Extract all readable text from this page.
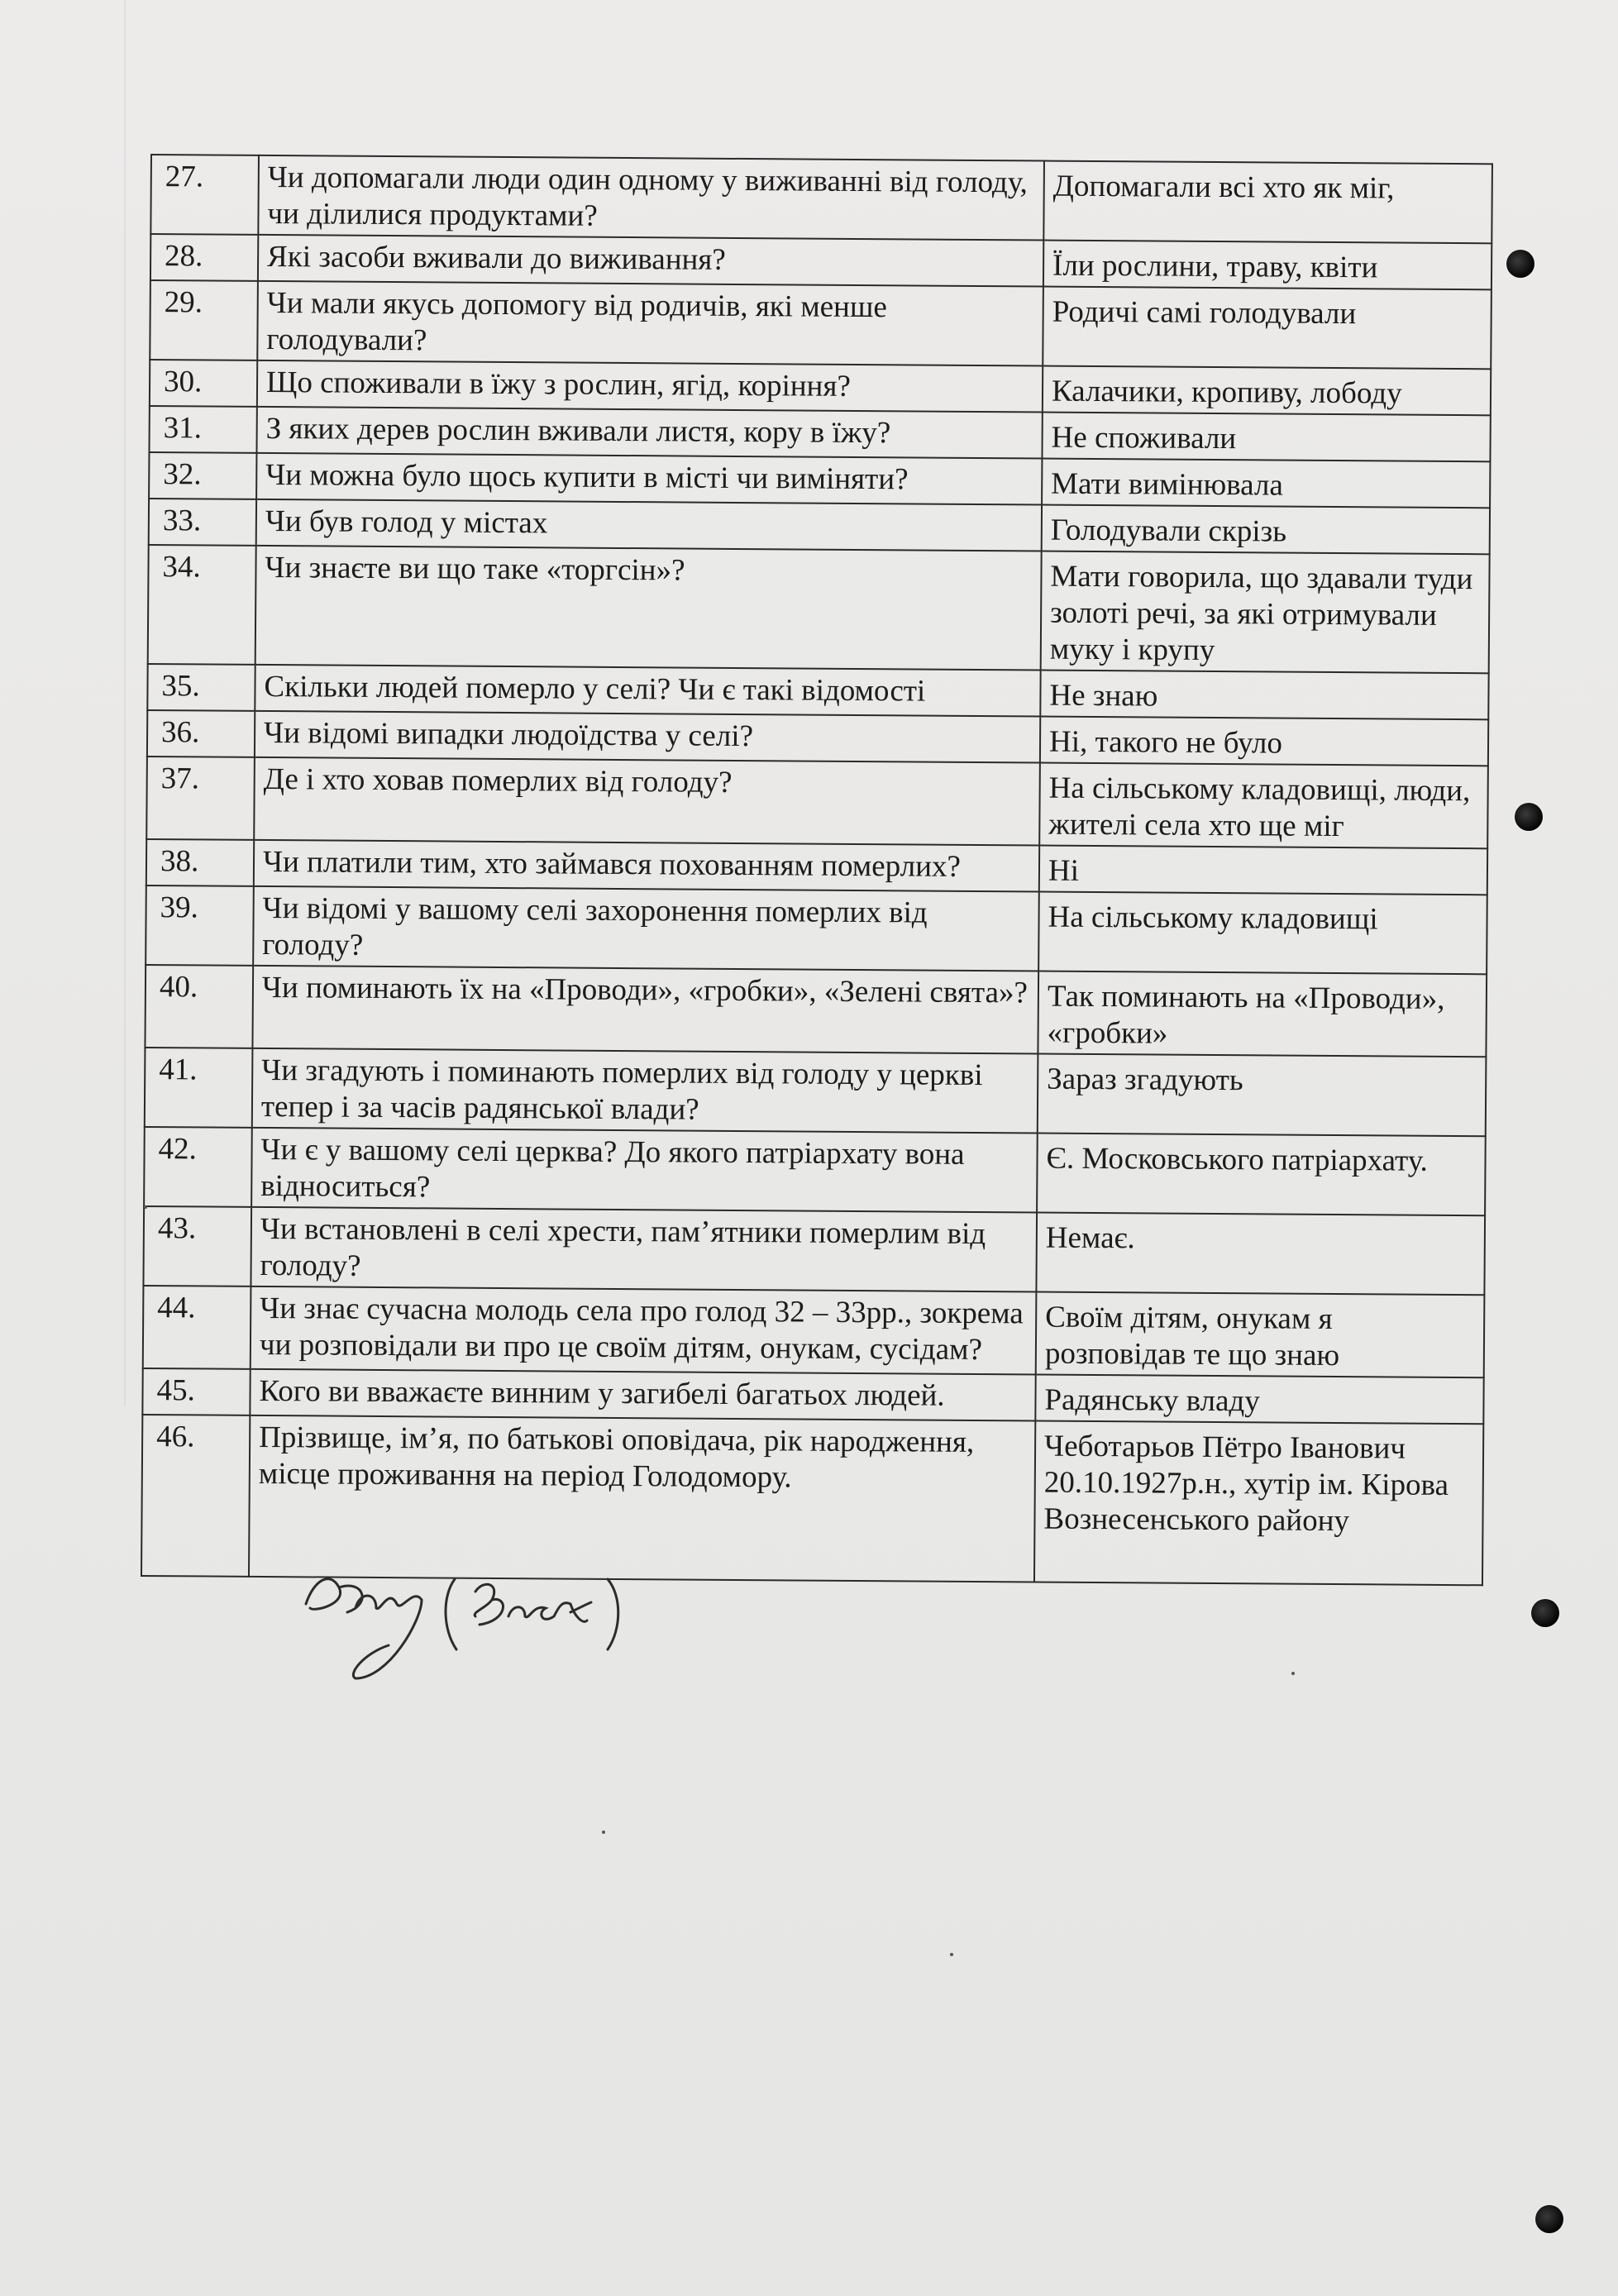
27.	Чи допомагали люди один одному у виживанні від голоду, чи ділилися продуктами?	Допомагали всі хто як міг,
28.	Які засоби вживали до виживання?	Їли рослини, траву, квіти
29.	Чи мали якусь допомогу від родичів, які менше голодували?	Родичі самі голодували
30.	Що споживали в їжу з рослин, ягід, коріння?	Калачики, кропиву, лободу
31.	З яких дерев рослин вживали листя, кору в їжу?	Не споживали
32.	Чи можна було щось купити в місті чи виміняти?	Мати вимінювала
33.	Чи був голод у містах	Голодували скрізь
34.	Чи знаєте ви що таке «торгсін»?	Мати говорила, що здавали туди золоті речі, за які отримували муку і крупу
35.	Скільки людей померло у селі? Чи є такі відомості	Не знаю
36.	Чи відомі випадки людоїдства у селі?	Ні, такого не було
37.	Де і хто ховав померлих від голоду?	На сільському кладовищі, люди, жителі села хто ще міг
38.	Чи платили тим, хто займався похованням померлих?	Ні
39.	Чи відомі у вашому селі захоронення померлих від голоду?	На сільському кладовищі
40.	Чи поминають їх на «Проводи», «гробки», «Зелені свята»?	Так поминають на «Проводи», «гробки»
41.	Чи згадують і поминають померлих від голоду у церкві тепер і за часів радянської влади?	Зараз згадують
42.	Чи є у вашому селі церква? До якого патріархату вона відноситься?	Є. Московського патріархату.
43.	Чи встановлені в селі хрести, пам’ятники померлим від голоду?	Немає.
44.	Чи знає сучасна молодь села про голод 32 – 33рр., зокрема чи розповідали ви про це своїм дітям, онукам, сусідам?	Своїм дітям, онукам я розповідав те що знаю
45.	Кого ви вважаєте винним у загибелі багатьох людей.	Радянську владу
46.	Прізвище, ім’я, по батькові оповідача, рік народження, місце проживання на період Голодомору.	Чеботарьов Пётро Іванович 20.10.1927р.н., хутір ім. Кірова Вознесенського району
